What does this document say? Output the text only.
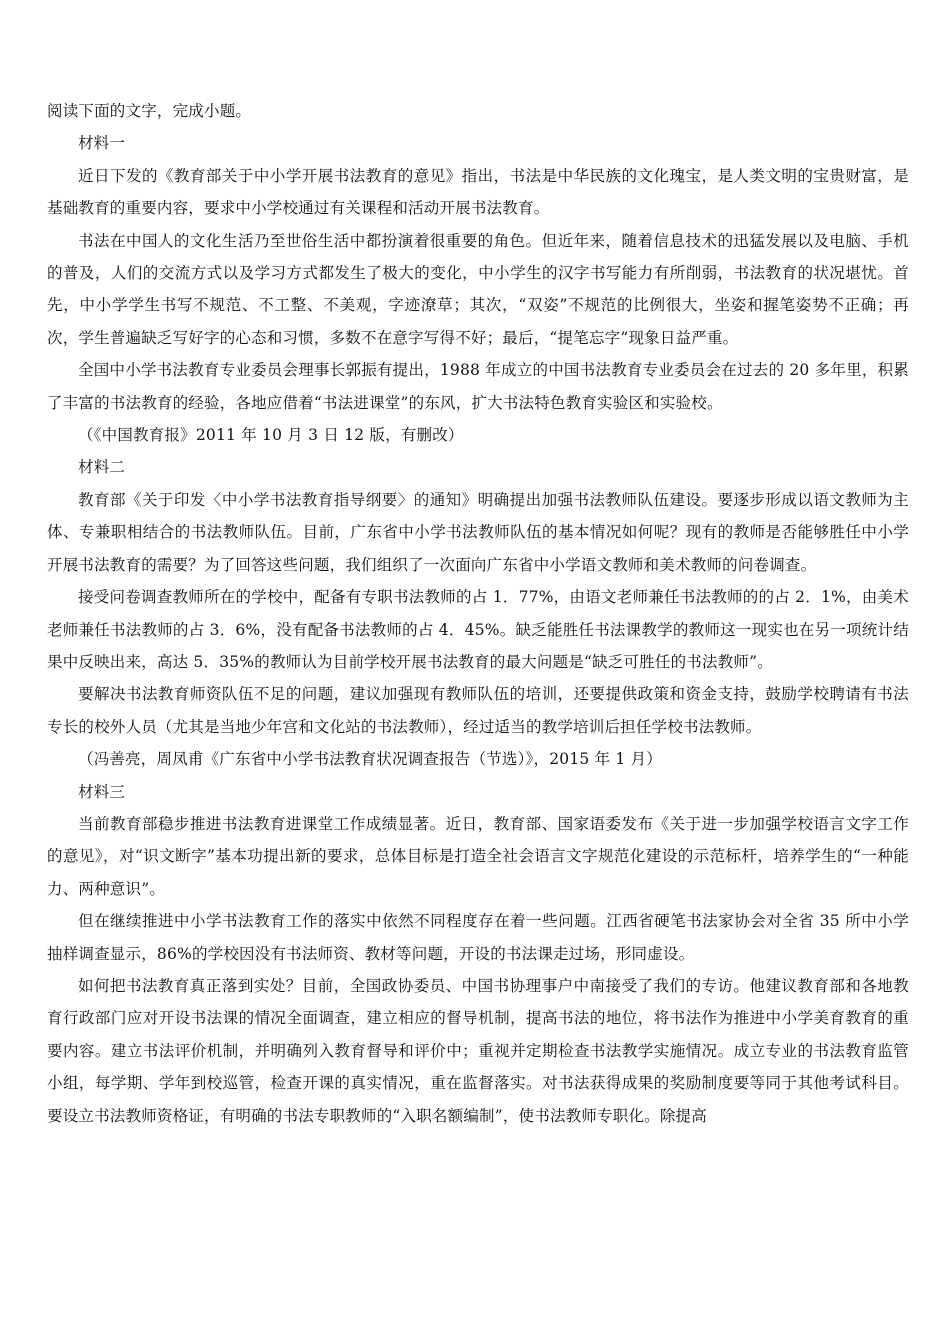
阅读下面的文字，完成小题。

材料一

近日下发的《教育部关于中小学开展书法教育的意见》指出，书法是中华民族的文化瑰宝，是人类文明的宝贵财富，是基础教育的重要内容，要求中小学校通过有关课程和活动开展书法教育。

书法在中国人的文化生活乃至世俗生活中都扮演着很重要的角色。但近年来，随着信息技术的迅猛发展以及电脑、手机的普及，人们的交流方式以及学习方式都发生了极大的变化，中小学生的汉字书写能力有所削弱，书法教育的状况堪忧。首先，中小学学生书写不规范、不工整、不美观，字迹潦草；其次，“双姿”不规范的比例很大，坐姿和握笔姿势不正确；再次，学生普遍缺乏写好字的心态和习惯，多数不在意字写得不好；最后，“提笔忘字”现象日益严重。

全国中小学书法教育专业委员会理事长郭振有提出，1988 年成立的中国书法教育专业委员会在过去的 20 多年里，积累了丰富的书法教育的经验，各地应借着“书法进课堂”的东风，扩大书法特色教育实验区和实验校。

（《中国教育报》2011 年 10 月 3 日 12 版，有删改）

材料二

教育部《关于印发〈中小学书法教育指导纲要〉的通知》明确提出加强书法教师队伍建设。要逐步形成以语文教师为主体、专兼职相结合的书法教师队伍。目前，广东省中小学书法教师队伍的基本情况如何呢？现有的教师是否能够胜任中小学开展书法教育的需要？为了回答这些问题，我们组织了一次面向广东省中小学语文教师和美术教师的问卷调查。

接受问卷调查教师所在的学校中，配备有专职书法教师的占 1．77%，由语文老师兼任书法教师的的占 2．1%，由美术老师兼任书法教师的占 3．6%，没有配备书法教师的占 4．45%。缺乏能胜任书法课教学的教师这一现实也在另一项统计结果中反映出来，高达 5．35%的教师认为目前学校开展书法教育的最大问题是“缺乏可胜任的书法教师”。

要解决书法教育师资队伍不足的问题，建议加强现有教师队伍的培训，还要提供政策和资金支持，鼓励学校聘请有书法专长的校外人员（尤其是当地少年宫和文化站的书法教师），经过适当的教学培训后担任学校书法教师。

（冯善亮，周凤甫《广东省中小学书法教育状况调查报告（节选）》，2015 年 1 月）

材料三

当前教育部稳步推进书法教育进课堂工作成绩显著。近日，教育部、国家语委发布《关于进一步加强学校语言文字工作的意见》，对“识文断字”基本功提出新的要求，总体目标是打造全社会语言文字规范化建设的示范标杆，培养学生的“一种能力、两种意识”。

但在继续推进中小学书法教育工作的落实中依然不同程度存在着一些问题。江西省硬笔书法家协会对全省 35 所中小学抽样调查显示，86%的学校因没有书法师资、教材等问题，开设的书法课走过场，形同虚设。

如何把书法教育真正落到实处？目前，全国政协委员、中国书协理事户中南接受了我们的专访。他建议教育部和各地教育行政部门应对开设书法课的情况全面调查，建立相应的督导机制，提高书法的地位，将书法作为推进中小学美育教育的重要内容。建立书法评价机制，并明确列入教育督导和评价中；重视并定期检查书法教学实施情况。成立专业的书法教育监管小组，每学期、学年到校巡管，检查开课的真实情况，重在监督落实。对书法获得成果的奖励制度要等同于其他考试科目。要设立书法教师资格证，有明确的书法专职教师的“入职名额编制”，使书法教师专职化。除提高
